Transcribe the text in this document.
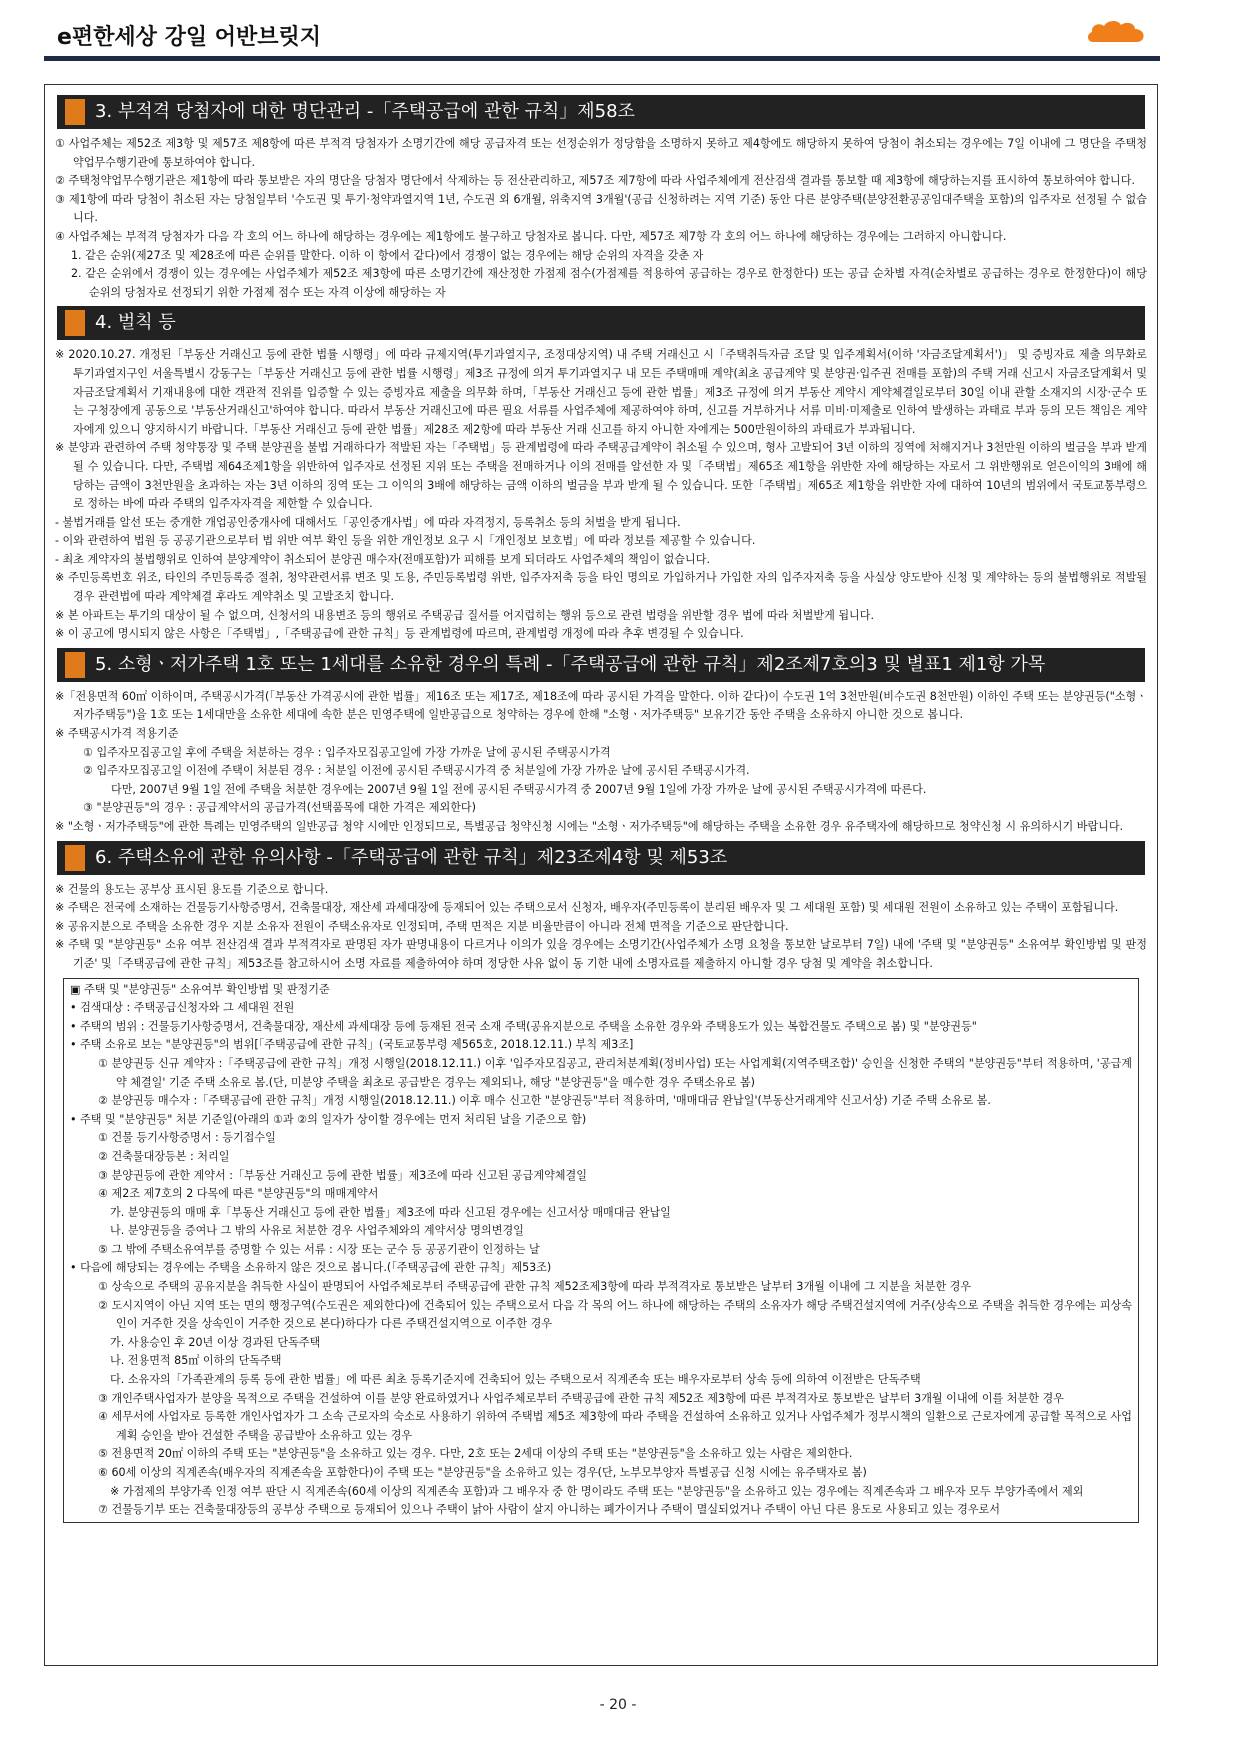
e편한세상 강일 어반브릿지
3. 부적격 당첨자에 대한 명단관리 -「주택공급에 관한 규칙」제58조

① 사업주체는 제52조 제3항 및 제57조 제8항에 따른 부적격 당첨자가 소명기간에 해당 공급자격 또는 선정순위가 정당함을 소명하지 못하고 제4항에도 해당하지 못하여 당첨이 취소되는 경우에는 7일 이내에 그 명단을 주택청약업무수행기관에 통보하여야 합니다.

② 주택청약업무수행기관은 제1항에 따라 통보받은 자의 명단을 당첨자 명단에서 삭제하는 등 전산관리하고, 제57조 제7항에 따라 사업주체에게 전산검색 결과를 통보할 때 제3항에 해당하는지를 표시하여 통보하여야 합니다.

③ 제1항에 따라 당첨이 취소된 자는 당첨일부터 '수도권 및 투기·청약과열지역 1년, 수도권 외 6개월, 위축지역 3개월'(공급 신청하려는 지역 기준) 동안 다른 분양주택(분양전환공공임대주택을 포함)의 입주자로 선정될 수 없습니다.

④ 사업주체는 부적격 당첨자가 다음 각 호의 어느 하나에 해당하는 경우에는 제1항에도 불구하고 당첨자로 봅니다. 다만, 제57조 제7항 각 호의 어느 하나에 해당하는 경우에는 그러하지 아니합니다.

1. 같은 순위(제27조 및 제28조에 따른 순위를 말한다. 이하 이 항에서 같다)에서 경쟁이 없는 경우에는 해당 순위의 자격을 갖춘 자

2. 같은 순위에서 경쟁이 있는 경우에는 사업주체가 제52조 제3항에 따른 소명기간에 재산정한 가점제 점수(가점제를 적용하여 공급하는 경우로 한정한다) 또는 공급 순차별 자격(순차별로 공급하는 경우로 한정한다)이 해당 순위의 당첨자로 선정되기 위한 가점제 점수 또는 자격 이상에 해당하는 자

4. 벌칙 등

※ 2020.10.27. 개정된「부동산 거래신고 등에 관한 법률 시행령」에 따라 규제지역(투기과열지구, 조정대상지역) 내 주택 거래신고 시「주택취득자금 조달 및 입주계획서(이하 '자금조달계획서')」 및 증빙자료 제출 의무화로 투기과열지구인 서울특별시 강동구는「부동산 거래신고 등에 관한 법률 시행령」제3조 규정에 의거 투기과열지구 내 모든 주택매매 계약(최초 공급계약 및 분양권·입주권 전매를 포함)의 주택 거래 신고시 자금조달계획서 및 자금조달계획서 기재내용에 대한 객관적 진위를 입증할 수 있는 증빙자료 제출을 의무화 하며,「부동산 거래신고 등에 관한 법률」제3조 규정에 의거 부동산 계약시 계약체결일로부터 30일 이내 관할 소재지의 시장·군수 또는 구청장에게 공동으로 '부동산거래신고'하여야 합니다. 따라서 부동산 거래신고에 따른 필요 서류를 사업주체에 제공하여야 하며, 신고를 거부하거나 서류 미비·미제출로 인하여 발생하는 과태료 부과 등의 모든 책임은 계약자에게 있으니 양지하시기 바랍니다.「부동산 거래신고 등에 관한 법률」제28조 제2항에 따라 부동산 거래 신고를 하지 아니한 자에게는 500만원이하의 과태료가 부과됩니다.

※ 분양과 관련하여 주택 청약통장 및 주택 분양권을 불법 거래하다가 적발된 자는「주택법」등 관계법령에 따라 주택공급계약이 취소될 수 있으며, 형사 고발되어 3년 이하의 징역에 처해지거나 3천만원 이하의 벌금을 부과 받게 될 수 있습니다. 다만, 주택법 제64조제1항을 위반하여 입주자로 선정된 지위 또는 주택을 전매하거나 이의 전매를 알선한 자 및「주택법」제65조 제1항을 위반한 자에 해당하는 자로서 그 위반행위로 얻은이익의 3배에 해당하는 금액이 3천만원을 초과하는 자는 3년 이하의 징역 또는 그 이익의 3배에 해당하는 금액 이하의 벌금을 부과 받게 될 수 있습니다. 또한「주택법」제65조 제1항을 위반한 자에 대하여 10년의 범위에서 국토교통부령으로 정하는 바에 따라 주택의 입주자자격을 제한할 수 있습니다.

- 불법거래를 알선 또는 중개한 개업공인중개사에 대해서도「공인중개사법」에 따라 자격정지, 등록취소 등의 처벌을 받게 됩니다.

- 이와 관련하여 법원 등 공공기관으로부터 법 위반 여부 확인 등을 위한 개인정보 요구 시「개인정보 보호법」에 따라 정보를 제공할 수 있습니다.

- 최초 계약자의 불법행위로 인하여 분양계약이 취소되어 분양권 매수자(전매포함)가 피해를 보게 되더라도 사업주체의 책임이 없습니다.

※ 주민등록번호 위조, 타인의 주민등록증 절취, 청약관련서류 변조 및 도용, 주민등록법령 위반, 입주자저축 등을 타인 명의로 가입하거나 가입한 자의 입주자저축 등을 사실상 양도받아 신청 및 계약하는 등의 불법행위로 적발될 경우 관련법에 따라 계약체결 후라도 계약취소 및 고발조치 합니다.

※ 본 아파트는 투기의 대상이 될 수 없으며, 신청서의 내용변조 등의 행위로 주택공급 질서를 어지럽히는 행위 등으로 관련 법령을 위반할 경우 법에 따라 처벌받게 됩니다.

※ 이 공고에 명시되지 않은 사항은「주택법」,「주택공급에 관한 규칙」등 관계법령에 따르며, 관계법령 개정에 따라 추후 변경될 수 있습니다.

5. 소형ㆍ저가주택 1호 또는 1세대를 소유한 경우의 특례 -「주택공급에 관한 규칙」제2조제7호의3 및 별표1 제1항 가목

※「전용면적 60㎡ 이하이며, 주택공시가격(「부동산 가격공시에 관한 법률」제16조 또는 제17조, 제18조에 따라 공시된 가격을 말한다. 이하 같다)이 수도권 1억 3천만원(비수도권 8천만원) 이하인 주택 또는 분양권등("소형ㆍ저가주택등")을 1호 또는 1세대만을 소유한 세대에 속한 분은 민영주택에 일반공급으로 청약하는 경우에 한해 "소형ㆍ저가주택등" 보유기간 동안 주택을 소유하지 아니한 것으로 봅니다.

※ 주택공시가격 적용기준

① 입주자모집공고일 후에 주택을 처분하는 경우 : 입주자모집공고일에 가장 가까운 날에 공시된 주택공시가격

② 입주자모집공고일 이전에 주택이 처분된 경우 : 처분일 이전에 공시된 주택공시가격 중 처분일에 가장 가까운 날에 공시된 주택공시가격.

다만, 2007년 9월 1일 전에 주택을 처분한 경우에는 2007년 9월 1일 전에 공시된 주택공시가격 중 2007년 9월 1일에 가장 가까운 날에 공시된 주택공시가격에 따른다.

③ "분양권등"의 경우 : 공급계약서의 공급가격(선택품목에 대한 가격은 제외한다)

※ "소형ㆍ저가주택등"에 관한 특례는 민영주택의 일반공급 청약 시에만 인정되므로, 특별공급 청약신청 시에는 "소형ㆍ저가주택등"에 해당하는 주택을 소유한 경우 유주택자에 해당하므로 청약신청 시 유의하시기 바랍니다.

6. 주택소유에 관한 유의사항 -「주택공급에 관한 규칙」제23조제4항 및 제53조

※ 건물의 용도는 공부상 표시된 용도를 기준으로 합니다.

※ 주택은 전국에 소재하는 건물등기사항증명서, 건축물대장, 재산세 과세대장에 등재되어 있는 주택으로서 신청자, 배우자(주민등록이 분리된 배우자 및 그 세대원 포함) 및 세대원 전원이 소유하고 있는 주택이 포함됩니다.

※ 공유지분으로 주택을 소유한 경우 지분 소유자 전원이 주택소유자로 인정되며, 주택 면적은 지분 비율만큼이 아니라 전체 면적을 기준으로 판단합니다.

※ 주택 및 "분양권등" 소유 여부 전산검색 결과 부적격자로 판명된 자가 판명내용이 다르거나 이의가 있을 경우에는 소명기간(사업주체가 소명 요청을 통보한 날로부터 7일) 내에 '주택 및 "분양권등" 소유여부 확인방법 및 판정기준' 및「주택공급에 관한 규칙」제53조를 참고하시어 소명 자료를 제출하여야 하며 정당한 사유 없이 동 기한 내에 소명자료를 제출하지 아니할 경우 당첨 및 계약을 취소합니다.

▣ 주택 및 "분양권등" 소유여부 확인방법 및 판정기준

• 검색대상 : 주택공급신청자와 그 세대원 전원

• 주택의 범위 : 건물등기사항증명서, 건축물대장, 재산세 과세대장 등에 등재된 전국 소재 주택(공유지분으로 주택을 소유한 경우와 주택용도가 있는 복합건물도 주택으로 봄) 및 "분양권등"

• 주택 소유로 보는 "분양권등"의 범위[「주택공급에 관한 규칙」(국토교통부령 제565호, 2018.12.11.) 부칙 제3조]

① 분양권등 신규 계약자 :「주택공급에 관한 규칙」개정 시행일(2018.12.11.) 이후 '입주자모집공고, 관리처분계획(정비사업) 또는 사업계획(지역주택조합)' 승인을 신청한 주택의 "분양권등"부터 적용하며, '공급계약 체결일' 기준 주택 소유로 봄.(단, 미분양 주택을 최초로 공급받은 경우는 제외되나, 해당 "분양권등"을 매수한 경우 주택소유로 봄)

② 분양권등 매수자 :「주택공급에 관한 규칙」개정 시행일(2018.12.11.) 이후 매수 신고한 "분양권등"부터 적용하며, '매매대금 완납일'(부동산거래계약 신고서상) 기준 주택 소유로 봄.

• 주택 및 "분양권등" 처분 기준일(아래의 ①과 ②의 일자가 상이할 경우에는 먼저 처리된 날을 기준으로 함)

① 건물 등기사항증명서 : 등기접수일

② 건축물대장등본 : 처리일

③ 분양권등에 관한 계약서 :「부동산 거래신고 등에 관한 법률」제3조에 따라 신고된 공급계약체결일

④ 제2조 제7호의 2 다목에 따른 "분양권등"의 매매계약서

가. 분양권등의 매매 후「부동산 거래신고 등에 관한 법률」제3조에 따라 신고된 경우에는 신고서상 매매대금 완납일

나. 분양권등을 증여나 그 밖의 사유로 처분한 경우 사업주체와의 계약서상 명의변경일

⑤ 그 밖에 주택소유여부를 증명할 수 있는 서류 : 시장 또는 군수 등 공공기관이 인정하는 날

• 다음에 해당되는 경우에는 주택을 소유하지 않은 것으로 봅니다.(「주택공급에 관한 규칙」제53조)

① 상속으로 주택의 공유지분을 취득한 사실이 판명되어 사업주체로부터 주택공급에 관한 규칙 제52조제3항에 따라 부적격자로 통보받은 날부터 3개월 이내에 그 지분을 처분한 경우

② 도시지역이 아닌 지역 또는 면의 행정구역(수도권은 제외한다)에 건축되어 있는 주택으로서 다음 각 목의 어느 하나에 해당하는 주택의 소유자가 해당 주택건설지역에 거주(상속으로 주택을 취득한 경우에는 피상속인이 거주한 것을 상속인이 거주한 것으로 본다)하다가 다른 주택건설지역으로 이주한 경우

가. 사용승인 후 20년 이상 경과된 단독주택

나. 전용면적 85㎡ 이하의 단독주택

다. 소유자의「가족관계의 등록 등에 관한 법률」에 따른 최초 등록기준지에 건축되어 있는 주택으로서 직계존속 또는 배우자로부터 상속 등에 의하여 이전받은 단독주택

③ 개인주택사업자가 분양을 목적으로 주택을 건설하여 이를 분양 완료하였거나 사업주체로부터 주택공급에 관한 규칙 제52조 제3항에 따른 부적격자로 통보받은 날부터 3개월 이내에 이를 처분한 경우

④ 세무서에 사업자로 등록한 개인사업자가 그 소속 근로자의 숙소로 사용하기 위하여 주택법 제5조 제3항에 따라 주택을 건설하여 소유하고 있거나 사업주체가 정부시책의 일환으로 근로자에게 공급할 목적으로 사업계획 승인을 받아 건설한 주택을 공급받아 소유하고 있는 경우

⑤ 전용면적 20㎡ 이하의 주택 또는 "분양권등"을 소유하고 있는 경우. 다만, 2호 또는 2세대 이상의 주택 또는 "분양권등"을 소유하고 있는 사람은 제외한다.

⑥ 60세 이상의 직계존속(배우자의 직계존속을 포함한다)이 주택 또는 "분양권등"을 소유하고 있는 경우(단, 노부모부양자 특별공급 신청 시에는 유주택자로 봄)

※ 가점제의 부양가족 인정 여부 판단 시 직계존속(60세 이상의 직계존속 포함)과 그 배우자 중 한 명이라도 주택 또는 "분양권등"을 소유하고 있는 경우에는 직계존속과 그 배우자 모두 부양가족에서 제외

⑦ 건물등기부 또는 건축물대장등의 공부상 주택으로 등재되어 있으나 주택이 낡아 사람이 살지 아니하는 폐가이거나 주택이 멸실되었거나 주택이 아닌 다른 용도로 사용되고 있는 경우로서

- 20 -
